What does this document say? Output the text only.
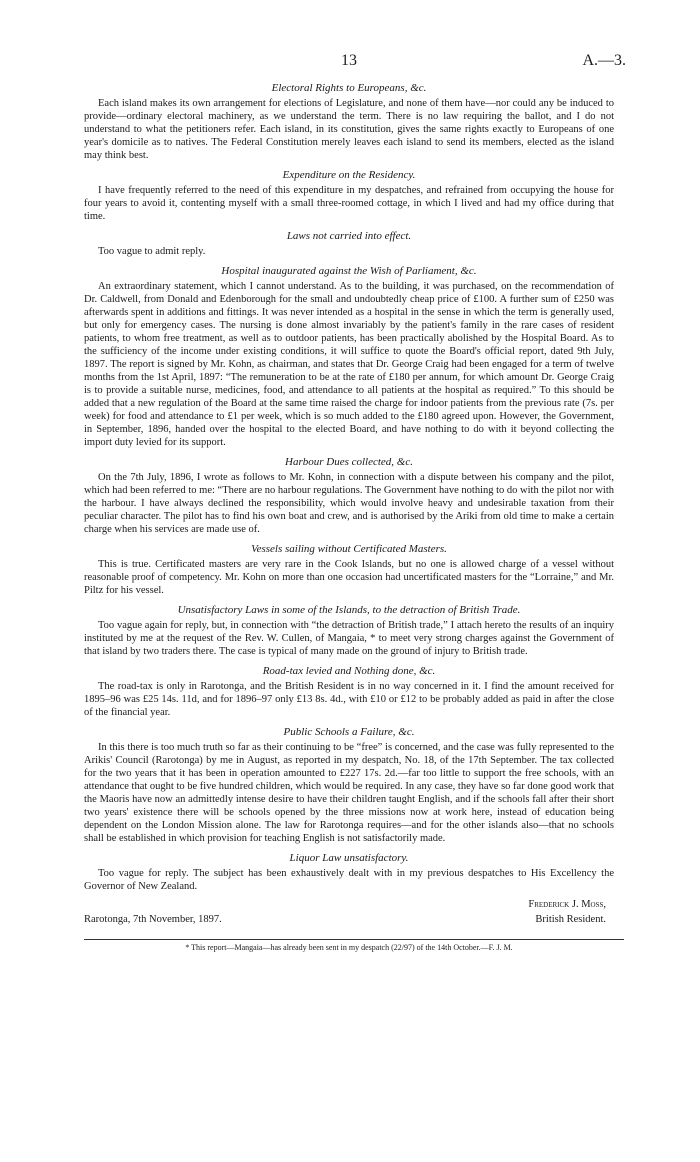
13	A.—3.
Electoral Rights to Europeans, &c.

Each island makes its own arrangement for elections of Legislature, and none of them have—nor could any be induced to provide—ordinary electoral machinery, as we understand the term. There is no law requiring the ballot, and I do not understand to what the petitioners refer. Each island, in its constitution, gives the same rights exactly to Europeans of one year's domicile as to natives. The Federal Constitution merely leaves each island to send its members, elected as the island may think best.

Expenditure on the Residency.

I have frequently referred to the need of this expenditure in my despatches, and refrained from occupying the house for four years to avoid it, contenting myself with a small three-roomed cottage, in which I lived and had my office during that time.

Laws not carried into effect.

Too vague to admit reply.

Hospital inaugurated against the Wish of Parliament, &c.

An extraordinary statement, which I cannot understand. As to the building, it was purchased, on the recommendation of Dr. Caldwell, from Donald and Edenborough for the small and undoubtedly cheap price of £100. A further sum of £250 was afterwards spent in additions and fittings. It was never intended as a hospital in the sense in which the term is generally used, but only for emergency cases. The nursing is done almost invariably by the patient's family in the rare cases of resident patients, to whom free treatment, as well as to outdoor patients, has been practically abolished by the Hospital Board. As to the sufficiency of the income under existing conditions, it will suffice to quote the Board's official report, dated 9th July, 1897. The report is signed by Mr. Kohn, as chairman, and states that Dr. George Craig had been engaged for a term of twelve months from the 1st April, 1897: “The remuneration to be at the rate of £180 per annum, for which amount Dr. George Craig is to provide a suitable nurse, medicines, food, and attendance to all patients at the hospital as required.” To this should be added that a new regulation of the Board at the same time raised the charge for indoor patients from the previous rate (7s. per week) for food and attendance to £1 per week, which is so much added to the £180 agreed upon. However, the Government, in September, 1896, handed over the hospital to the elected Board, and have nothing to do with it beyond collecting the import duty levied for its support.

Harbour Dues collected, &c.

On the 7th July, 1896, I wrote as follows to Mr. Kohn, in connection with a dispute between his company and the pilot, which had been referred to me: “There are no harbour regulations. The Government have nothing to do with the pilot nor with the harbour. I have always declined the responsibility, which would involve heavy and undesirable taxation from their peculiar character. The pilot has to find his own boat and crew, and is authorised by the Ariki from old time to make a certain charge when his services are made use of.

Vessels sailing without Certificated Masters.

This is true. Certificated masters are very rare in the Cook Islands, but no one is allowed charge of a vessel without reasonable proof of competency. Mr. Kohn on more than one occasion had uncertificated masters for the “Lorraine,” and Mr. Piltz for his vessel.

Unsatisfactory Laws in some of the Islands, to the detraction of British Trade.

Too vague again for reply, but, in connection with “the detraction of British trade,” I attach hereto the results of an inquiry instituted by me at the request of the Rev. W. Cullen, of Mangaia, * to meet very strong charges against the Government of that island by two traders there. The case is typical of many made on the ground of injury to British trade.

Road-tax levied and Nothing done, &c.

The road-tax is only in Rarotonga, and the British Resident is in no way concerned in it. I find the amount received for 1895–96 was £25 14s. 11d, and for 1896–97 only £13 8s. 4d., with £10 or £12 to be probably added as paid in after the close of the financial year.

Public Schools a Failure, &c.

In this there is too much truth so far as their continuing to be “free” is concerned, and the case was fully represented to the Arikis' Council (Rarotonga) by me in August, as reported in my despatch, No. 18, of the 17th September. The tax collected for the two years that it has been in operation amounted to £227 17s. 2d.—far too little to support the free schools, with an attendance that ought to be five hundred children, which would be required. In any case, they have so far done good work that the Maoris have now an admittedly intense desire to have their children taught English, and if the schools fall after their short two years' existence there will be schools opened by the three missions now at work here, instead of education being dependent on the London Mission alone. The law for Rarotonga requires—and for the other islands also—that no schools shall be established in which provision for teaching English is not satisfactorily made.

Liquor Law unsatisfactory.

Too vague for reply. The subject has been exhaustively dealt with in my previous despatches to His Excellency the Governor of New Zealand.

Frederick J. Moss,
British Resident.
Rarotonga, 7th November, 1897.
* This report—Mangaia—has already been sent in my despatch (22/97) of the 14th October.—F. J. M.
